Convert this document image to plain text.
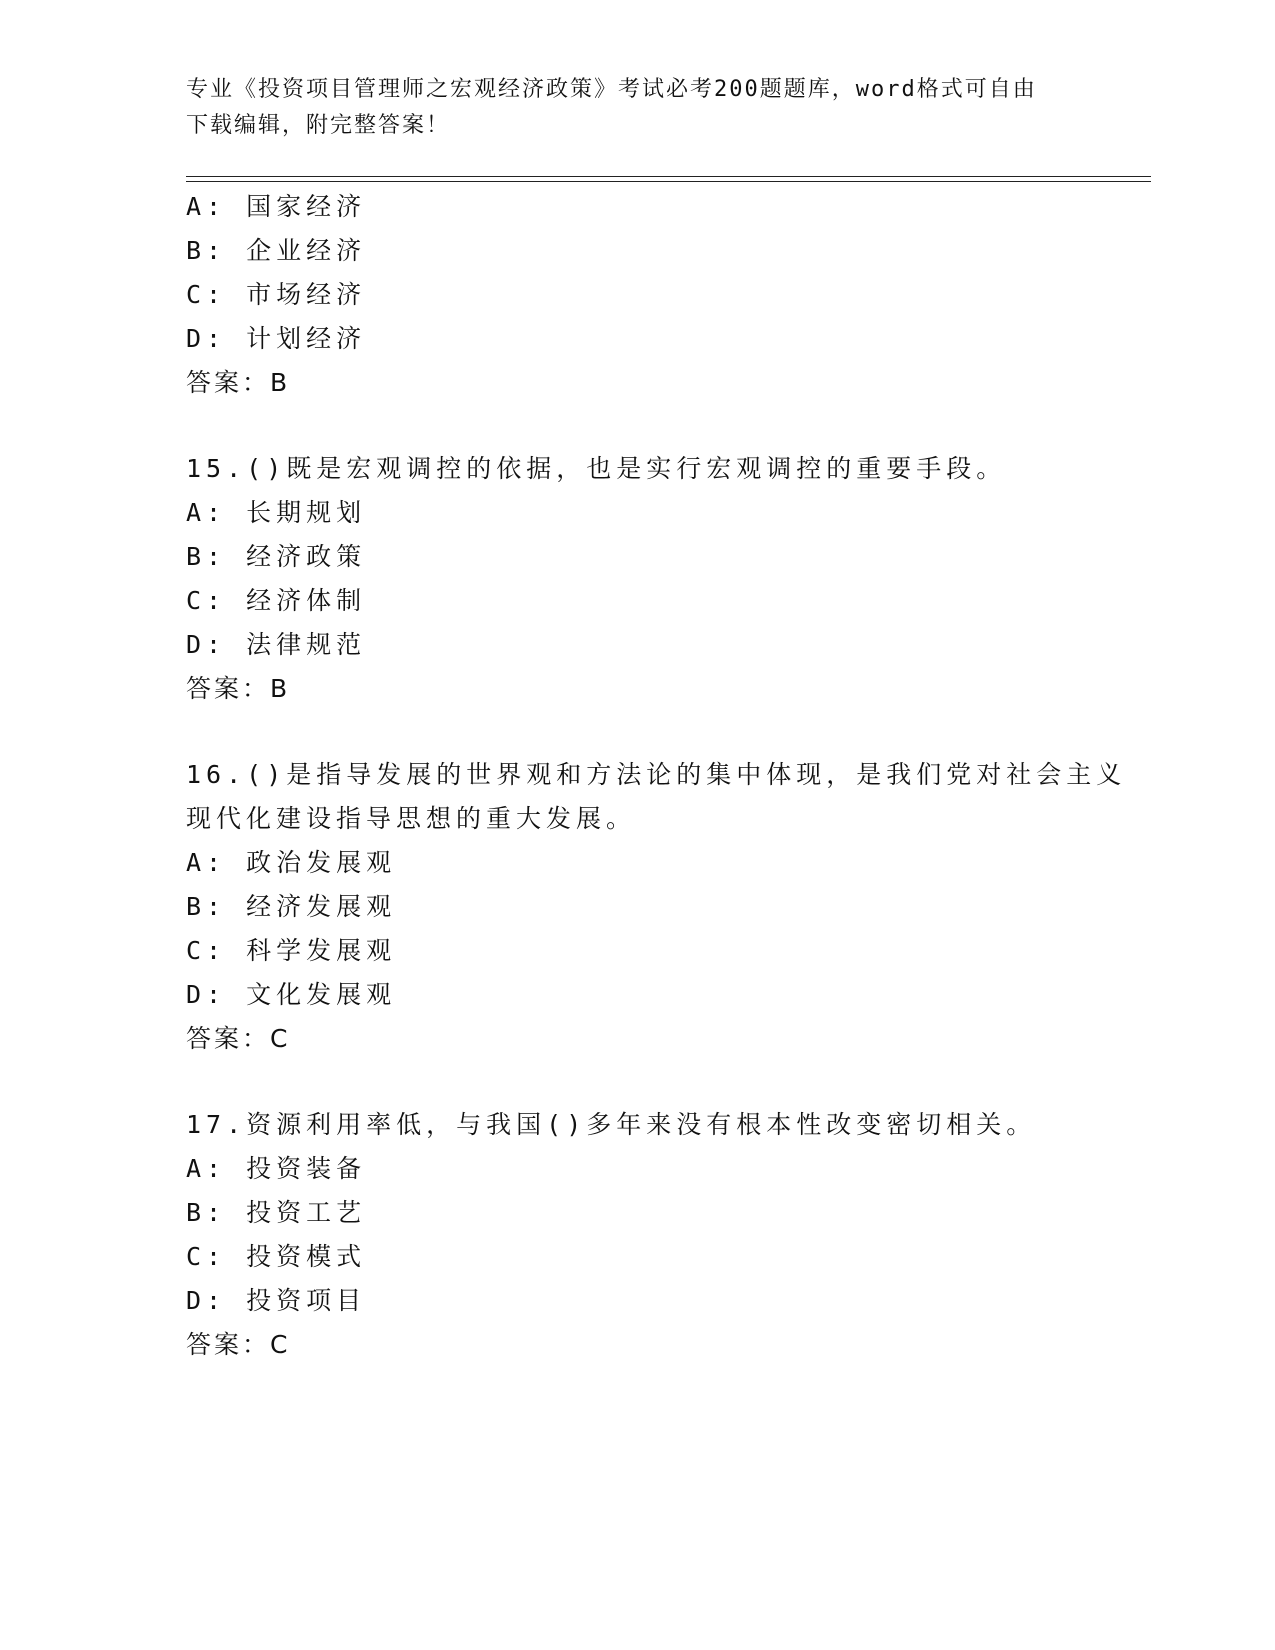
专业《投资项目管理师之宏观经济政策》考试必考200题题库，word格式可自由
下载编辑，附完整答案！
A: 国家经济
B: 企业经济
C: 市场经济
D: 计划经济
答案：B
15.()既是宏观调控的依据，也是实行宏观调控的重要手段。
A: 长期规划
B: 经济政策
C: 经济体制
D: 法律规范
答案：B
16.()是指导发展的世界观和方法论的集中体现，是我们党对社会主义
现代化建设指导思想的重大发展。
A: 政治发展观
B: 经济发展观
C: 科学发展观
D: 文化发展观
答案：C
17.资源利用率低，与我国()多年来没有根本性改变密切相关。
A: 投资装备
B: 投资工艺
C: 投资模式
D: 投资项目
答案：C
